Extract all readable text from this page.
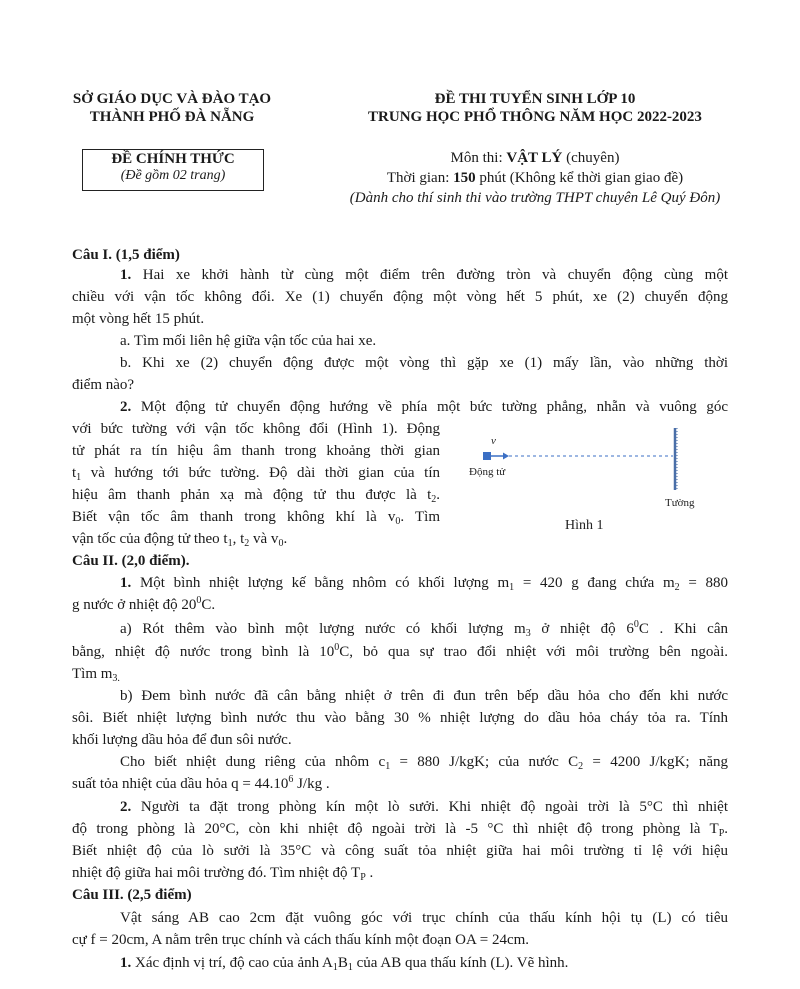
SỞ GIÁO DỤC VÀ ĐÀO TẠO
THÀNH PHỐ ĐÀ NẴNG
ĐỀ THI TUYỂN SINH LỚP 10
TRUNG HỌC PHỔ THÔNG NĂM HỌC 2022-2023
ĐỀ CHÍNH THỨC
(Đề gồm 02 trang)
Môn thi: VẬT LÝ (chuyên)
Thời gian: 150 phút (Không kể thời gian giao đề)
(Dành cho thí sinh thi vào trường THPT chuyên Lê Quý Đôn)
Câu I. (1,5 điểm)
1. Hai xe khởi hành từ cùng một điểm trên đường tròn và chuyển động cùng một
chiều với vận tốc không đổi. Xe (1) chuyển động một vòng hết 5 phút, xe (2) chuyển động
một vòng hết 15 phút.
a. Tìm mối liên hệ giữa vận tốc của hai xe.
b. Khi xe (2) chuyển động được một vòng thì gặp xe (1) mấy lần, vào những thời
điểm nào?
2. Một động tử chuyển động hướng về phía một bức tường phẳng, nhẵn và vuông góc
với bức tường với vận tốc không đổi (Hình 1). Động
tử phát ra tín hiệu âm thanh trong khoảng thời gian
$t_1$ và hướng tới bức tường. Độ dài thời gian của tín
hiệu âm thanh phản xạ mà động tử thu được là $t_2$.
Biết vận tốc âm thanh trong không khí là $v_0$. Tìm
vận tốc của động tử theo $t_1$, $t_2$ và $v_0$.
v
Động tử
Tường
Hình 1
Câu II. (2,0 điểm).
1. Một bình nhiệt lượng kế bằng nhôm có khối lượng $m_1 = 420$ g đang chứa $m_2 = 880$
g nước ở nhiệt độ $20^0C$.
a) Rót thêm vào bình một lượng nước có khối lượng $m_3$ ở nhiệt độ $6^0C$ . Khi cân
bằng, nhiệt độ nước trong bình là $10^0C$, bỏ qua sự trao đổi nhiệt với môi trường bên ngoài.
Tìm $m_{3.}$
b) Đem bình nước đã cân bằng nhiệt ở trên đi đun trên bếp dầu hỏa cho đến khi nước
sôi. Biết nhiệt lượng bình nước thu vào bằng 30 % nhiệt lượng do dầu hỏa cháy tỏa ra. Tính
khối lượng dầu hỏa để đun sôi nước.
Cho biết nhiệt dung riêng của nhôm $c_1 = 880$ J/kgK; của nước $C_2 = 4200$ J/kgK; năng
suất tỏa nhiệt của dầu hỏa $q = 44.10^6$ J/kg .
2. Người ta đặt trong phòng kín một lò sưởi. Khi nhiệt độ ngoài trời là 5°C thì nhiệt
độ trong phòng là 20°C, còn khi nhiệt độ ngoài trời là -5 °C thì nhiệt độ trong phòng là $T_P$.
Biết nhiệt độ của lò sưởi là 35°C và công suất tỏa nhiệt giữa hai môi trường tỉ lệ với hiệu
nhiệt độ giữa hai môi trường đó. Tìm nhiệt độ $T_P$ .
Câu III. (2,5 điểm)
Vật sáng AB cao 2cm đặt vuông góc với trục chính của thấu kính hội tụ (L) có tiêu
cự f = 20cm, A nằm trên trục chính và cách thấu kính một đoạn OA = 24cm.
1. Xác định vị trí, độ cao của ảnh $A_1B_1$ của AB qua thấu kính (L). Vẽ hình.
